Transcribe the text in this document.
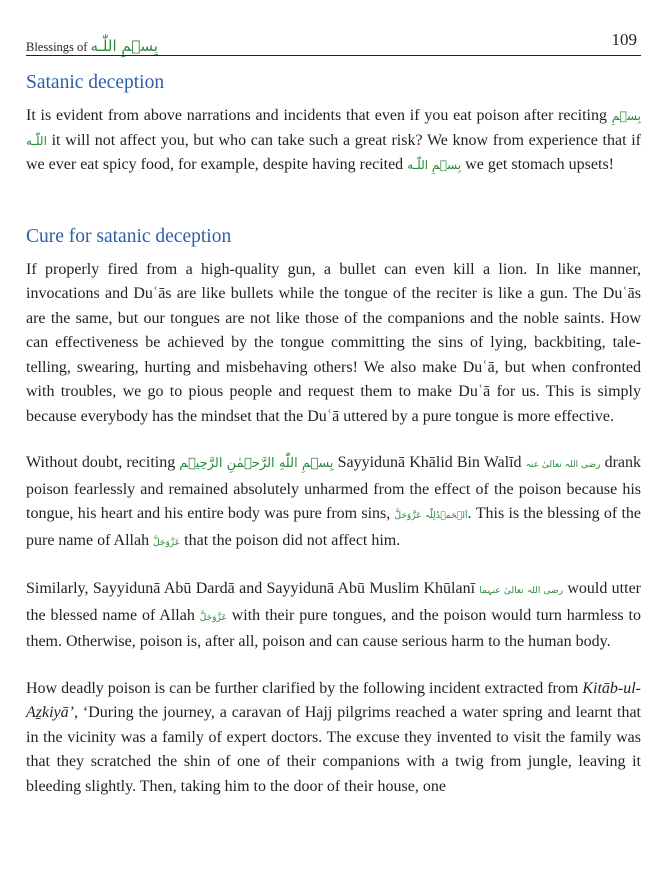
Blessings of بِسۡمِ اللّٰـه	109
Satanic deception

It is evident from above narrations and incidents that even if you eat poison after reciting بِسۡمِ اللّٰـه it will not affect you, but who can take such a great risk? We know from experience that if we ever eat spicy food, for example, despite having recited بِسۡمِ اللّٰـه we get stomach upsets!

Cure for satanic deception

If properly fired from a high-quality gun, a bullet can even kill a lion. In like manner, invocations and Duʿās are like bullets while the tongue of the reciter is like a gun. The Duʿās are the same, but our tongues are not like those of the companions and the noble saints. How can effectiveness be achieved by the tongue committing the sins of lying, backbiting, tale-telling, swearing, hurting and misbehaving others! We also make Duʿā, but when confronted with troubles, we go to pious people and request them to make Duʿā for us. This is simply because everybody has the mindset that the Duʿā uttered by a pure tongue is more effective.

Without doubt, reciting بِسۡمِ اللّٰهِ الرَّحۡمٰنِ الرَّحِيۡم Sayyidunā Khālid Bin Walīd رضی اللہ تعالیٰ عنہ drank poison fearlessly and remained absolutely unharmed from the effect of the poison because his tongue, his heart and his entire body was pure from sins, اَلۡحَمۡدُلِلّٰہ عَزَّوَجَلَّ. This is the blessing of the pure name of Allah عَزَّوَجَلَّ that the poison did not affect him.

Similarly, Sayyidunā Abū Dardā and Sayyidunā Abū Muslim Khūlanī رضی اللہ تعالیٰ عنہما would utter the blessed name of Allah عَزَّوَجَلَّ with their pure tongues, and the poison would turn harmless to them. Otherwise, poison is, after all, poison and can cause serious harm to the human body.

How deadly poison is can be further clarified by the following incident extracted from Kitāb-ul-Aẕkiyā’, ‘During the journey, a caravan of Hajj pilgrims reached a water spring and learnt that in the vicinity was a family of expert doctors. The excuse they invented to visit the family was that they scratched the shin of one of their companions with a twig from jungle, leaving it bleeding slightly. Then, taking him to the door of their house, one
